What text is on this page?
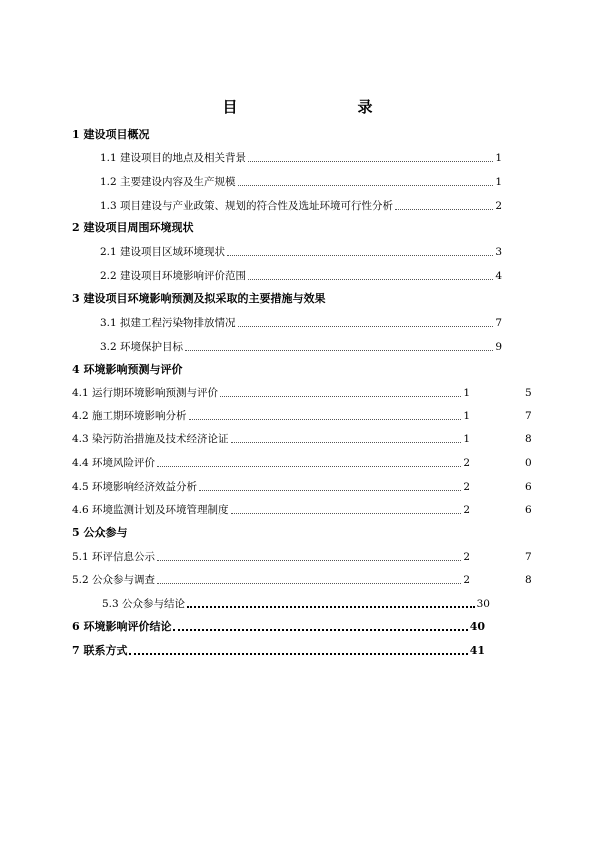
目　　录
1 建设项目概况
1.1 建设项目的地点及相关背景	1
1.2 主要建设内容及生产规模	1
1.3 项目建设与产业政策、规划的符合性及选址环境可行性分析	2
2 建设项目周围环境现状
2.1 建设项目区域环境现状	3
2.2 建设项目环境影响评价范围	4
3 建设项目环境影响预测及拟采取的主要措施与效果
3.1 拟建工程污染物排放情况	7
3.2 环境保护目标	9
4 环境影响预测与评价
4.1 运行期环境影响预测与评价	1	5
4.2 施工期环境影响分析	1	7
4.3 染污防治措施及技术经济论证	1	8
4.4 环境风险评价	2	0
4.5 环境影响经济效益分析	2	6
4.6 环境监测计划及环境管理制度	2	6
5 公众参与
5.1 环评信息公示	2	7
5.2 公众参与调查	2	8
5.3 公众参与结论	30
6 环境影响评价结论	40
7 联系方式	41
